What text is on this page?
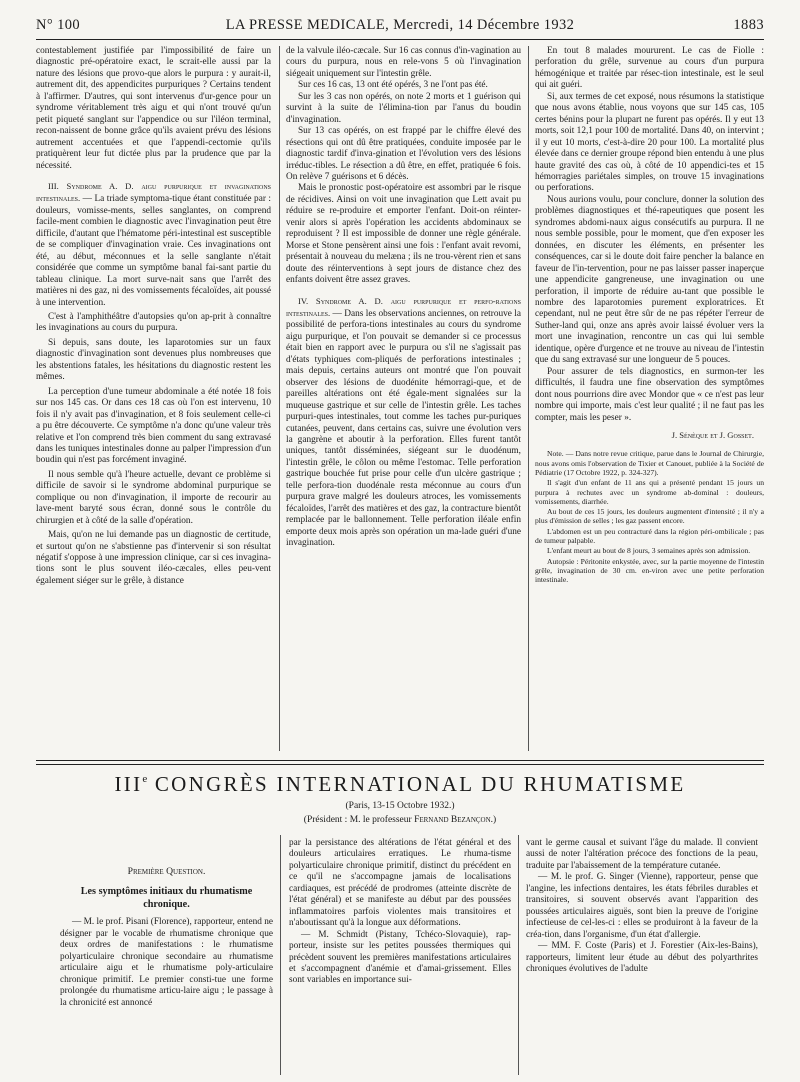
N° 100	LA PRESSE MEDICALE, Mercredi, 14 Décembre 1932	1883

contestablement justifiée par l'impossibilité de faire un diagnostic pré-opératoire exact, le scrait-elle aussi par la nature des lésions que provo-que alors le purpura : y aurait-il, autrement dit, des appendicites purpuriques ? Certains tendent à l'affirmer. D'autres, qui sont intervenus d'ur-gence pour un syndrome véritablement très aigu et qui n'ont trouvé qu'un petit piqueté sanglant sur l'appendice ou sur l'iléon terminal, recon-naissent de bonne grâce qu'ils avaient prévu des lésions autrement accentuées et que l'appendi-cectomie qu'ils pratiquèrent leur fut dictée plus par la prudence que par la nécessité.

III. Syndrome A. D. aigu purpurique et invaginations intestinales. — La triade symptoma-tique étant constituée par : douleurs, vomisse-ments, selles sanglantes, on comprend facile-ment combien le diagnostic avec l'invagination peut être difficile, d'autant que l'hématome péri-intestinal est susceptible de se compliquer d'invagination vraie. Ces invaginations ont été, au début, méconnues et la selle sanglante n'était considérée que comme un symptôme banal fai-sant partie du tableau clinique. La mort surve-nait sans que l'arrêt des matières ni des gaz, ni des vomissements fécaloïdes, ait poussé à une intervention.

C'est à l'amphithéâtre d'autopsies qu'on ap-prit à connaître les invaginations au cours du purpura.

Si depuis, sans doute, les laparotomies sur un faux diagnostic d'invagination sont devenues plus nombreuses que les abstentions fatales, les hésitations du diagnostic restent les mêmes.

La perception d'une tumeur abdominale a été notée 18 fois sur nos 145 cas. Or dans ces 18 cas où l'on est intervenu, 10 fois il n'y avait pas d'invagination, et 8 fois seulement celle-ci a pu être découverte. Ce symptôme n'a donc qu'une valeur très relative et l'on comprend très bien comment du sang extravasé dans les tuniques intestinales donne au palper l'impression d'un boudin qui n'est pas forcément invaginé.

Il nous semble qu'à l'heure actuelle, devant ce problème si difficile de savoir si le syndrome abdominal purpurique se complique ou non d'invagination, il importe de recourir au lave-ment baryté sous écran, donné sous le contrôle du chirurgien et à côté de la salle d'opération.

Mais, qu'on ne lui demande pas un diagnostic de certitude, et surtout qu'on ne s'abstienne pas d'intervenir si son résultat négatif s'oppose à une impression clinique, car si ces invagina-tions sont le plus souvent iléo-cæcales, elles peu-vent également siéger sur le grêle, à distance

de la valvule iléo-cæcale. Sur 16 cas connus d'in-vagination au cours du purpura, nous en rele-vons 5 où l'invagination siégeait uniquement sur l'intestin grêle.

Sur ces 16 cas, 13 ont été opérés, 3 ne l'ont pas été.

Sur les 3 cas non opérés, on note 2 morts et 1 guérison qui survint à la suite de l'élimina-tion par l'anus du boudin d'invagination.

Sur 13 cas opérés, on est frappé par le chiffre élevé des résections qui ont dû être pratiquées, conduite imposée par le diagnostic tardif d'inva-gination et l'évolution vers des lésions irréduc-tibles. Le résection a dû être, en effet, pratiquée 6 fois. On relève 7 guérisons et 6 décès.

Mais le pronostic post-opératoire est assombri par le risque de récidives. Ainsi on voit une invagination que Lett avait pu réduire se re-produire et emporter l'enfant. Doit-on réinter-venir alors si après l'opération les accidents abdominaux se reproduisent ? Il est impossible de donner une règle générale. Morse et Stone pensèrent ainsi une fois : l'enfant avait revomi, présentait à nouveau du melæna ; ils ne trou-vèrent rien et sans doute des réinterventions à sept jours de distance chez des enfants doivent être assez graves.

IV. Syndrome A. D. aigu purpurique et perfo-rations intestinales. — Dans les observations anciennes, on retrouve la possibilité de perfora-tions intestinales au cours du syndrome aigu purpurique, et l'on pouvait se demander si ce processus était bien en rapport avec le purpura ou s'il ne s'agissait pas d'états typhiques com-pliqués de perforations intestinales ; mais depuis, certains auteurs ont montré que l'on pouvait observer des lésions de duodénite hémorragi-que, et de pareilles altérations ont été égale-ment signalées sur la muqueuse gastrique et sur celle de l'intestin grêle. Les taches purpuri-ques intestinales, tout comme les taches pur-puriques cutanées, peuvent, dans certains cas, suivre une évolution vers la gangrène et aboutir à la perforation. Elles furent tantôt uniques, tantôt disséminées, siégeant sur le duodénum, l'intestin grêle, le côlon ou même l'estomac. Telle perforation gastrique bouchée fut prise pour celle d'un ulcère gastrique ; telle perfora-tion duodénale resta méconnue au cours d'un purpura grave malgré les douleurs atroces, les vomissements fécaloïdes, l'arrêt des matières et des gaz, la contracture bientôt remplacée par le ballonnement. Telle perforation iléale enfin emporte deux mois après son opération un ma-lade guéri d'une invagination.

En tout 8 malades moururent. Le cas de Fiolle : perforation du grêle, survenue au cours d'un purpura hémogénique et traitée par résec-tion intestinale, est le seul qui ait guéri.

Si, aux termes de cet exposé, nous résumons la statistique que nous avons établie, nous voyons que sur 145 cas, 105 certes bénins pour la plupart ne furent pas opérés. Il y eut 13 morts, soit 12,1 pour 100 de mortalité. Dans 40, on intervint ; il y eut 10 morts, c'est-à-dire 20 pour 100. La mortalité plus élevée dans ce dernier groupe répond bien entendu à une plus haute gravité des cas où, à côté de 10 appendici-tes et 15 hémorragies pariétales simples, on trouve 15 invaginations ou perforations.

Nous aurions voulu, pour conclure, donner la solution des problèmes diagnostiques et thé-rapeutiques que posent les syndromes abdomi-naux aigus consécutifs au purpura. Il ne nous semble possible, pour le moment, que d'en exposer les données, en discuter les éléments, en présenter les conséquences, car si le doute doit faire pencher la balance en faveur de l'in-tervention, pour ne pas laisser passer inaperçue une appendicite gangreneuse, une invagination ou une perforation, il importe de réduire au-tant que possible le nombre des laparotomies purement exploratrices. Et cependant, nul ne peut être sûr de ne pas répéter l'erreur de Suther-land qui, onze ans après avoir laissé évoluer vers la mort une invagination, rencontre un cas qui lui semble identique, opère d'urgence et ne trouve au niveau de l'intestin que du sang extravasé sur une longueur de 5 pouces.

Pour assurer de tels diagnostics, en surmon-ter les difficultés, il faudra une fine observation des symptômes dont nous pourrions dire avec Mondor que « ce n'est pas leur nombre qui importe, mais c'est leur qualité ; il ne faut pas les compter, mais les peser ».

J. Sénèque et J. Gosset.

Note. — Dans notre revue critique, parue dans le Journal de Chirurgie, nous avons omis l'observation de Tixier et Canouet, publiée à la Société de Pédiatrie (17 Octobre 1922, p. 324-327).

Il s'agit d'un enfant de 11 ans qui a présenté pendant 15 jours un purpura à rechutes avec un syndrome ab-dominal : douleurs, vomissements, diarrhée.

Au bout de ces 15 jours, les douleurs augmentent d'intensité ; il n'y a plus d'émission de selles ; les gaz passent encore.

L'abdomen est un peu contracturé dans la région péri-ombilicale ; pas de tumeur palpable.

L'enfant meurt au bout de 8 jours, 3 semaines après son admission.

Autopsie : Péritonite enkystée, avec, sur la partie moyenne de l'intestin grêle, invagination de 30 cm. en-viron avec une petite perforation intestinale.

IIIe CONGRÈS INTERNATIONAL DU RHUMATISME
(Paris, 13-15 Octobre 1932.)
(Président : M. le professeur Fernand Bezançon.)
Première Question.
Les symptômes initiaux du rhumatisme chronique.

— M. le prof. Pisani (Florence), rapporteur, entend ne désigner par le vocable de rhumatisme chronique que deux ordres de manifestations : le rhumatisme polyarticulaire chronique secondaire au rhumatisme articulaire aigu et le rhumatisme poly-articulaire chronique primitif. Le premier consti-tue une forme prolongée du rhumatisme articu-laire aigu ; le passage à la chronicité est annoncé

par la persistance des altérations de l'état général et des douleurs articulaires erratiques. Le rhuma-tisme polyarticulaire chronique primitif, distinct du précédent en ce qu'il ne s'accompagne jamais de localisations cardiaques, est précédé de prodromes (atteinte discrète de l'état général) et se manifeste au début par des poussées inflammatoires parfois violentes mais transitoires et n'aboutissant qu'à la longue aux déformations.

— M. Schmidt (Pistany, Tchéco-Slovaquie), rap-porteur, insiste sur les petites poussées thermiques qui précèdent souvent les premières manifestations articulaires et s'accompagnent d'anémie et d'amai-grissement. Elles sont variables en importance sui-

vant le germe causal et suivant l'âge du malade. Il convient aussi de noter l'altération précoce des fonctions de la peau, traduite par l'abaissement de la température cutanée.

— M. le prof. G. Singer (Vienne), rapporteur, pense que l'angine, les infections dentaires, les états fébriles durables et transitoires, si souvent observés avant l'apparition des poussées articulaires aiguës, sont bien la preuve de l'origine infectieuse de cel-les-ci : elles se produiront à la faveur de la créa-tion, dans l'organisme, d'un état d'allergie.

— MM. F. Coste (Paris) et J. Forestier (Aix-les-Bains), rapporteurs, limitent leur étude au début des polyarthrites chroniques évolutives de l'adulte
